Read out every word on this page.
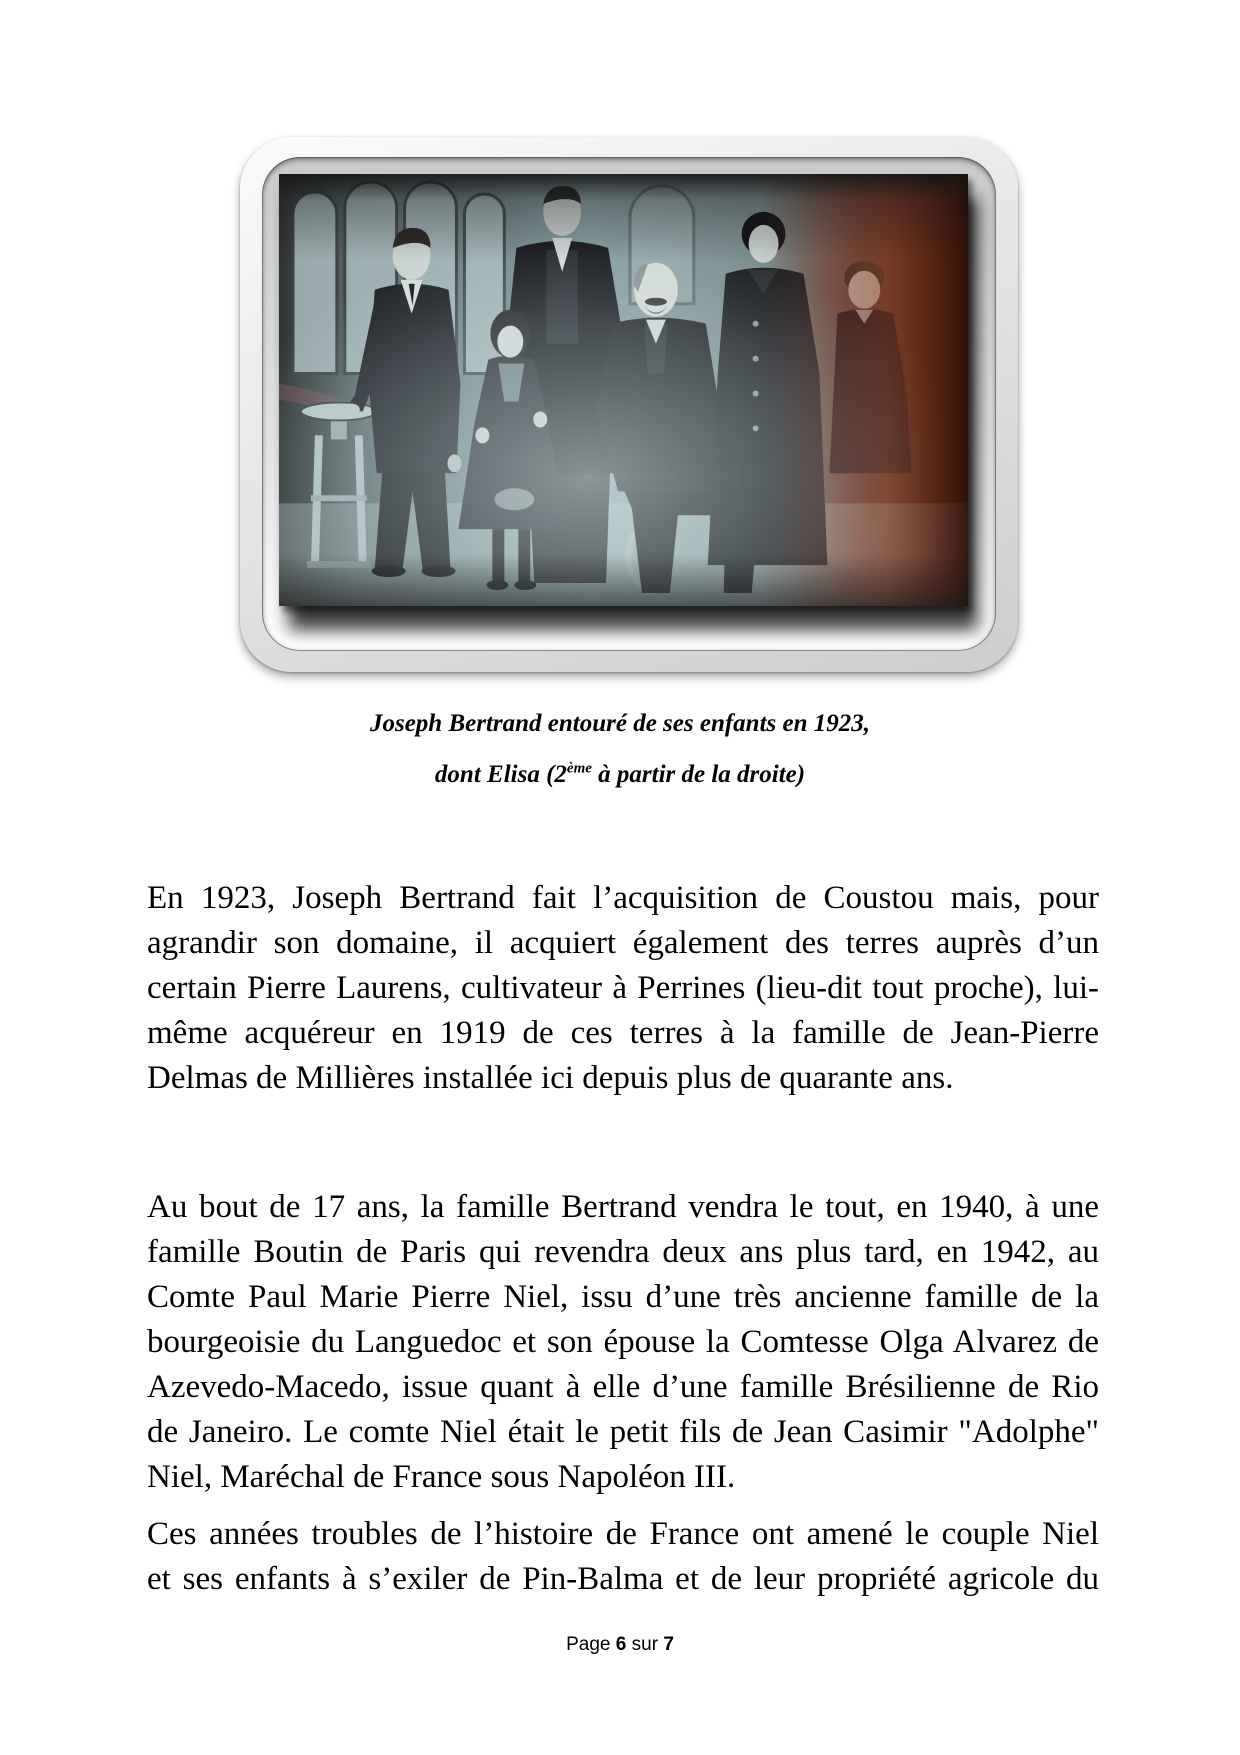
Joseph Bertrand entouré de ses enfants en 1923,
dont Elisa (2ème à partir de la droite)
En 1923, Joseph Bertrand fait l’acquisition de Coustou mais, pour
agrandir son domaine, il acquiert également des terres auprès d’un
certain Pierre Laurens, cultivateur à Perrines (lieu-dit tout proche), lui-
même acquéreur en 1919 de ces terres à la famille de Jean-Pierre
Delmas de Millières installée ici depuis plus de quarante ans.
Au bout de 17 ans, la famille Bertrand vendra le tout, en 1940, à une
famille Boutin de Paris qui revendra deux ans plus tard, en 1942, au
Comte Paul Marie Pierre Niel, issu d’une très ancienne famille de la
bourgeoisie du Languedoc et son épouse la Comtesse Olga Alvarez de
Azevedo-Macedo, issue quant à elle d’une famille Brésilienne de Rio
de Janeiro. Le comte Niel était le petit fils de Jean Casimir "Adolphe"
Niel, Maréchal de France sous Napoléon III.
Ces années troubles de l’histoire de France ont amené le couple Niel
et ses enfants à s’exiler de Pin-Balma et de leur propriété agricole du
Page 6 sur 7
